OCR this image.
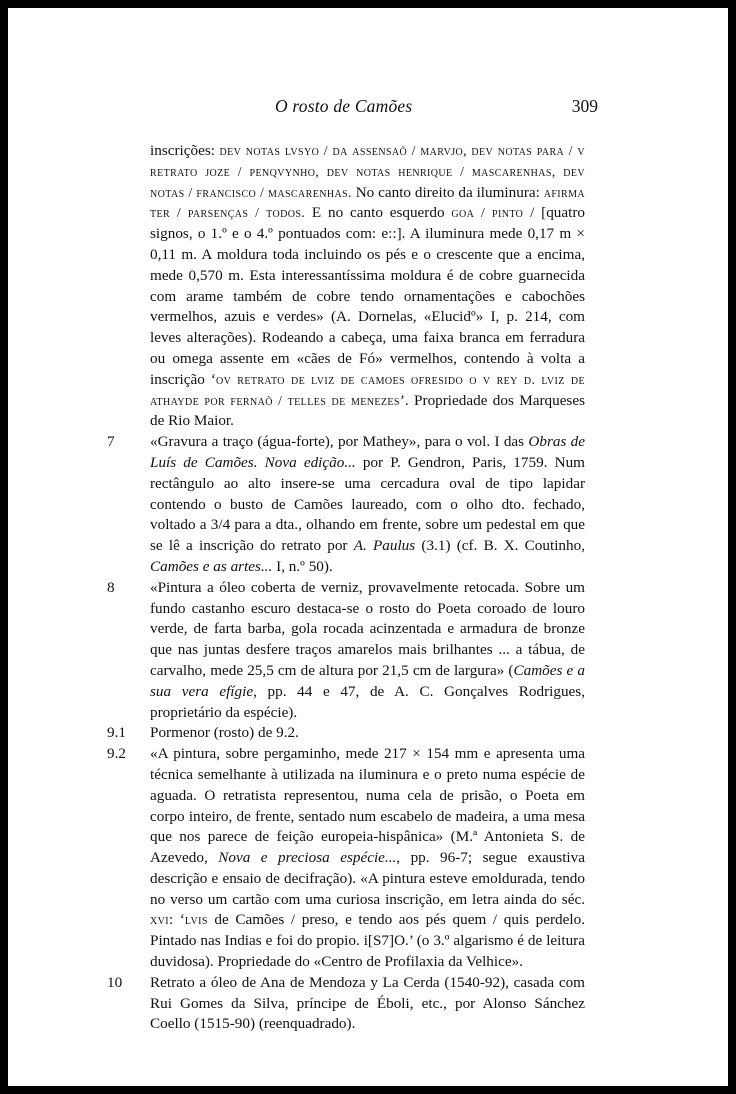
O rosto de Camões	309
inscrições: dev notas lvsyo / da assensaõ / marvjo, dev notas para / v retrato joze / penqvynho, dev notas henrique / mascarenhas, dev notas / francisco / mascarenhas. No canto direito da iluminura: afirma ter / parsenças / todos. E no canto esquerdo goa / pinto / [quatro signos, o 1.º e o 4.º pontuados com: e::]. A iluminura mede 0,17 m × 0,11 m. A moldura toda incluindo os pés e o crescente que a encima, mede 0,570 m. Esta interessantíssima moldura é de cobre guarnecida com arame também de cobre tendo ornamentações e cabochões vermelhos, azuis e verdes» (A. Dornelas, «Elucidº» I, p. 214, com leves alterações). Rodeando a cabeça, uma faixa branca em ferradura ou omega assente em «cães de Fó» vermelhos, contendo à volta a inscrição ‘ov retrato de lviz de camoes ofresido o v rey d. lviz de athayde por fernaõ / telles de menezes’. Propriedade dos Marqueses de Rio Maior.
7	«Gravura a traço (água-forte), por Mathey», para o vol. I das Obras de Luís de Camões. Nova edição... por P. Gendron, Paris, 1759. Num rectângulo ao alto insere-se uma cercadura oval de tipo lapidar contendo o busto de Camões laureado, com o olho dto. fechado, voltado a 3/4 para a dta., olhando em frente, sobre um pedestal em que se lê a inscrição do retrato por A. Paulus (3.1) (cf. B. X. Coutinho, Camões e as artes... I, n.º 50).
8	«Pintura a óleo coberta de verniz, provavelmente retocada. Sobre um fundo castanho escuro destaca-se o rosto do Poeta coroado de louro verde, de farta barba, gola rocada acinzentada e armadura de bronze que nas juntas desfere traços amarelos mais brilhantes ... a tábua, de carvalho, mede 25,5 cm de altura por 21,5 cm de largura» (Camões e a sua vera efígie, pp. 44 e 47, de A. C. Gonçalves Rodrigues, proprietário da espécie).
9.1	Pormenor (rosto) de 9.2.
9.2	«A pintura, sobre pergaminho, mede 217 × 154 mm e apresenta uma técnica semelhante à utilizada na iluminura e o preto numa espécie de aguada. O retratista representou, numa cela de prisão, o Poeta em corpo inteiro, de frente, sentado num escabelo de madeira, a uma mesa que nos parece de feição europeia-hispânica» (M.ª Antonieta S. de Azevedo, Nova e preciosa espécie..., pp. 96-7; segue exaustiva descrição e ensaio de decifração). «A pintura esteve emoldurada, tendo no verso um cartão com uma curiosa inscrição, em letra ainda do séc. xvi: ‘lvis de Camões / preso, e tendo aos pés quem / quis perdelo. Pintado nas Indias e foi do propio. i[S7]O.’ (o 3.º algarismo é de leitura duvidosa). Propriedade do «Centro de Profilaxia da Velhice».
10	Retrato a óleo de Ana de Mendoza y La Cerda (1540-92), casada com Rui Gomes da Silva, príncipe de Éboli, etc., por Alonso Sánchez Coello (1515-90) (reenquadrado).
